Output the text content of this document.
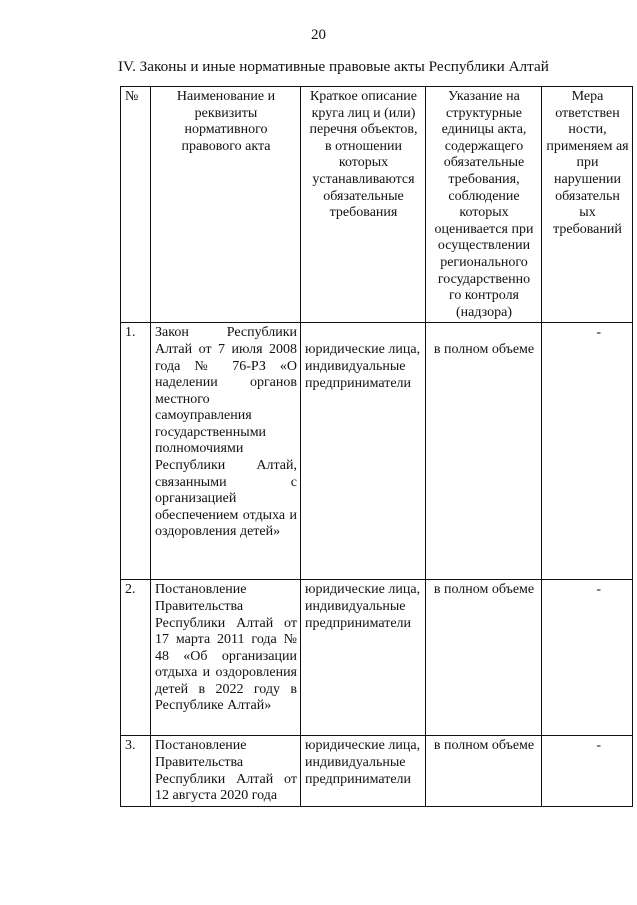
20
IV. Законы и иные нормативные правовые акты Республики Алтай
№	Наименование и реквизиты нормативного правового акта	Краткое описание круга лиц и (или) перечня объектов, в отношении которых устанавливаются обязательные требования	Указание на структурные единицы акта, содержащего обязательные требования, соблюдение которых оценивается при осуществлении регионального государственно го контроля (надзора)	Мера ответствен ности, применяем ая при нарушении обязательн ых требований
1.	Закон Республики Алтай от 7 июля 2008 года № 76-РЗ «О наделении органов местного самоуправления государственными полномочиями Республики Алтай, связанными с организацией обеспечением отдыха и оздоровления детей»	юридические лица, индивидуальные предприниматели	в полном объеме	-

2.	Постановление Правительства Республики Алтай от 17 марта 2011 года № 48 «Об организации отдыха и оздоровления детей в 2022 году в Республике Алтай»	юридические лица, индивидуальные предприниматели	в полном объеме	-

3.	Постановление Правительства Республики Алтай от 12 августа 2020 года	юридические лица, индивидуальные предприниматели	в полном объеме	-
